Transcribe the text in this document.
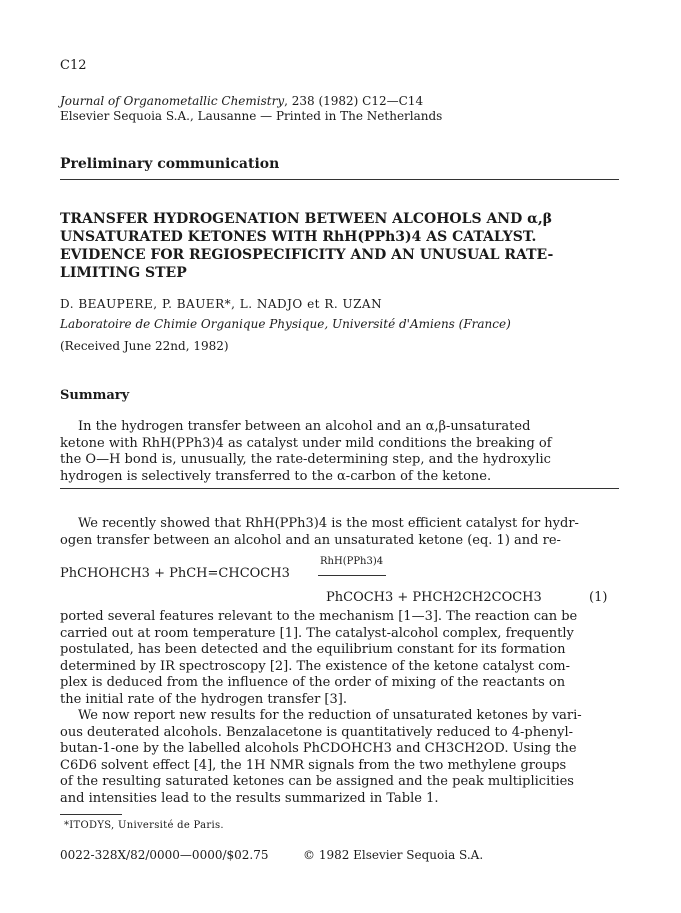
C12
Journal of Organometallic Chemistry, 238 (1982) C12—C14
Elsevier Sequoia S.A., Lausanne — Printed in The Netherlands
Preliminary communication
TRANSFER HYDROGENATION BETWEEN ALCOHOLS AND α,β
UNSATURATED KETONES WITH RhH(PPh3)4 AS CATALYST.
EVIDENCE FOR REGIOSPECIFICITY AND AN UNUSUAL RATE-
LIMITING STEP
D. BEAUPERE, P. BAUER*, L. NADJO et R. UZAN
Laboratoire de Chimie Organique Physique, Université d'Amiens (France)
(Received June 22nd, 1982)
Summary

In the hydrogen transfer between an alcohol and an α,β-unsaturated

ketone with RhH(PPh3)4 as catalyst under mild conditions the breaking of

the O—H bond is, unusually, the rate-determining step, and the hydroxylic

hydrogen is selectively transferred to the α-carbon of the ketone.

We recently showed that RhH(PPh3)4 is the most efficient catalyst for hydr-

ogen transfer between an alcohol and an unsaturated ketone (eq. 1) and re-

PhCHOHCH3 + PhCH=CHCOCH3
RhH(PPh3)4
PhCOCH3 + PHCH2CH2COCH3	(1)

ported several features relevant to the mechanism [1—3]. The reaction can be

carried out at room temperature [1]. The catalyst-alcohol complex, frequently

postulated, has been detected and the equilibrium constant for its formation

determined by IR spectroscopy [2]. The existence of the ketone catalyst com-

plex is deduced from the influence of the order of mixing of the reactants on

the initial rate of the hydrogen transfer [3].

We now report new results for the reduction of unsaturated ketones by vari-

ous deuterated alcohols. Benzalacetone is quantitatively reduced to 4-phenyl-

butan-1-one by the labelled alcohols PhCDOHCH3 and CH3CH2OD. Using the

C6D6 solvent effect [4], the 1H NMR signals from the two methylene groups

of the resulting saturated ketones can be assigned and the peak multiplicities

and intensities lead to the results summarized in Table 1.

*ITODYS, Université de Paris.
0022-328X/82/0000—0000/$02.75	© 1982 Elsevier Sequoia S.A.
